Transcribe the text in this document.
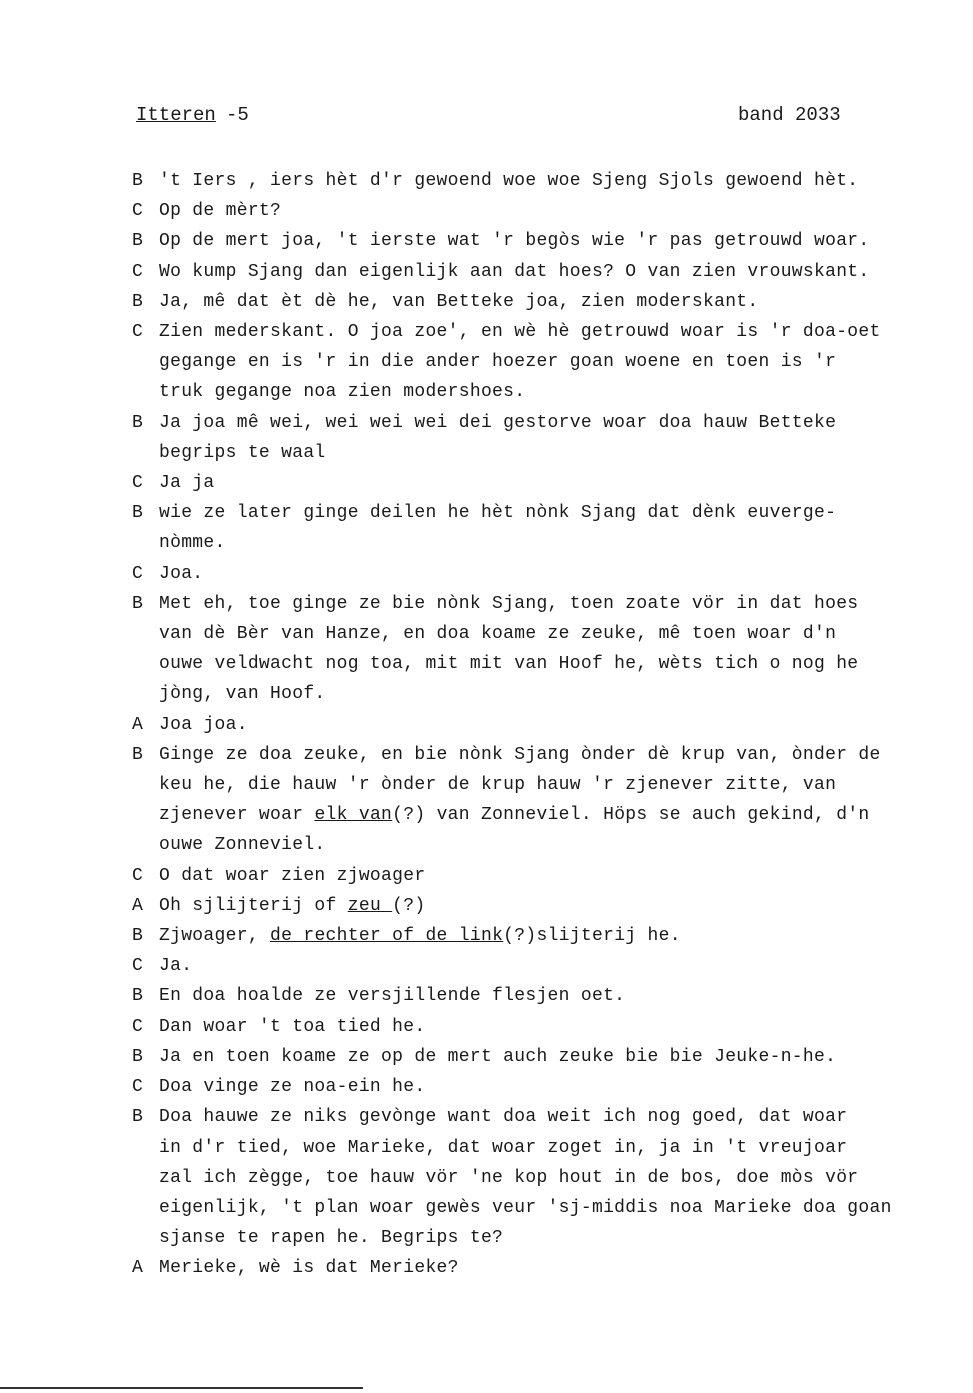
Itteren -5	band 2033
B 't Iers , iers hèt d'r gewoend woe woe Sjeng Sjols gewoend hèt.
C Op de mèrt?
B Op de mert joa, 't ierste wat 'r begòs wie 'r pas getrouwd woar.
C Wo kump Sjang dan eigenlijk aan dat hoes? O van zien vrouwskant.
B Ja, mê dat èt dè he, van Betteke joa, zien moderskant.
C Zien mederskant. O joa zoe', en wè hè getrouwd woar is 'r doa-oet
gegange en is 'r in die ander hoezer goan woene en toen is 'r
truk gegange noa zien modershoes.
B Ja joa mê wei, wei wei wei dei gestorve woar doa hauw Betteke
begrips te waal
C Ja ja
B wie ze later ginge deilen he hèt nònk Sjang dat dènk euverge-
nòmme.
C Joa.
B Met eh, toe ginge ze bie nònk Sjang, toen zoate vör in dat hoes
van dè Bèr van Hanze, en doa koame ze zeuke, mê toen woar d'n
ouwe veldwacht nog toa, mit mit van Hoof he, wèts tich o nog he
jòng, van Hoof.
A Joa joa.
B Ginge ze doa zeuke, en bie nònk Sjang ònder dè krup van, ònder de
keu he, die hauw 'r ònder de krup hauw 'r zjenever zitte, van
zjenever woar elk van(?) van Zonneviel. Höps se auch gekind, d'n
ouwe Zonneviel.
C O dat woar zien zjwoager
A Oh sjlijterij of zeu (?)
B Zjwoager, de rechter of de link(?)slijterij he.
C Ja.
B En doa hoalde ze versjillende flesjen oet.
C Dan woar 't toa tied he.
B Ja en toen koame ze op de mert auch zeuke bie bie Jeuke-n-he.
C Doa vinge ze noa-ein he.
B Doa hauwe ze niks gevònge want doa weit ich nog goed, dat woar
in d'r tied, woe Marieke, dat woar zoget in, ja in 't vreujoar
zal ich zègge, toe hauw vör 'ne kop hout in de bos, doe mòs vör
eigenlijk, 't plan woar gewès veur 'sj-middis noa Marieke doa goan
sjanse te rapen he. Begrips te?
A Merieke, wè is dat Merieke?
